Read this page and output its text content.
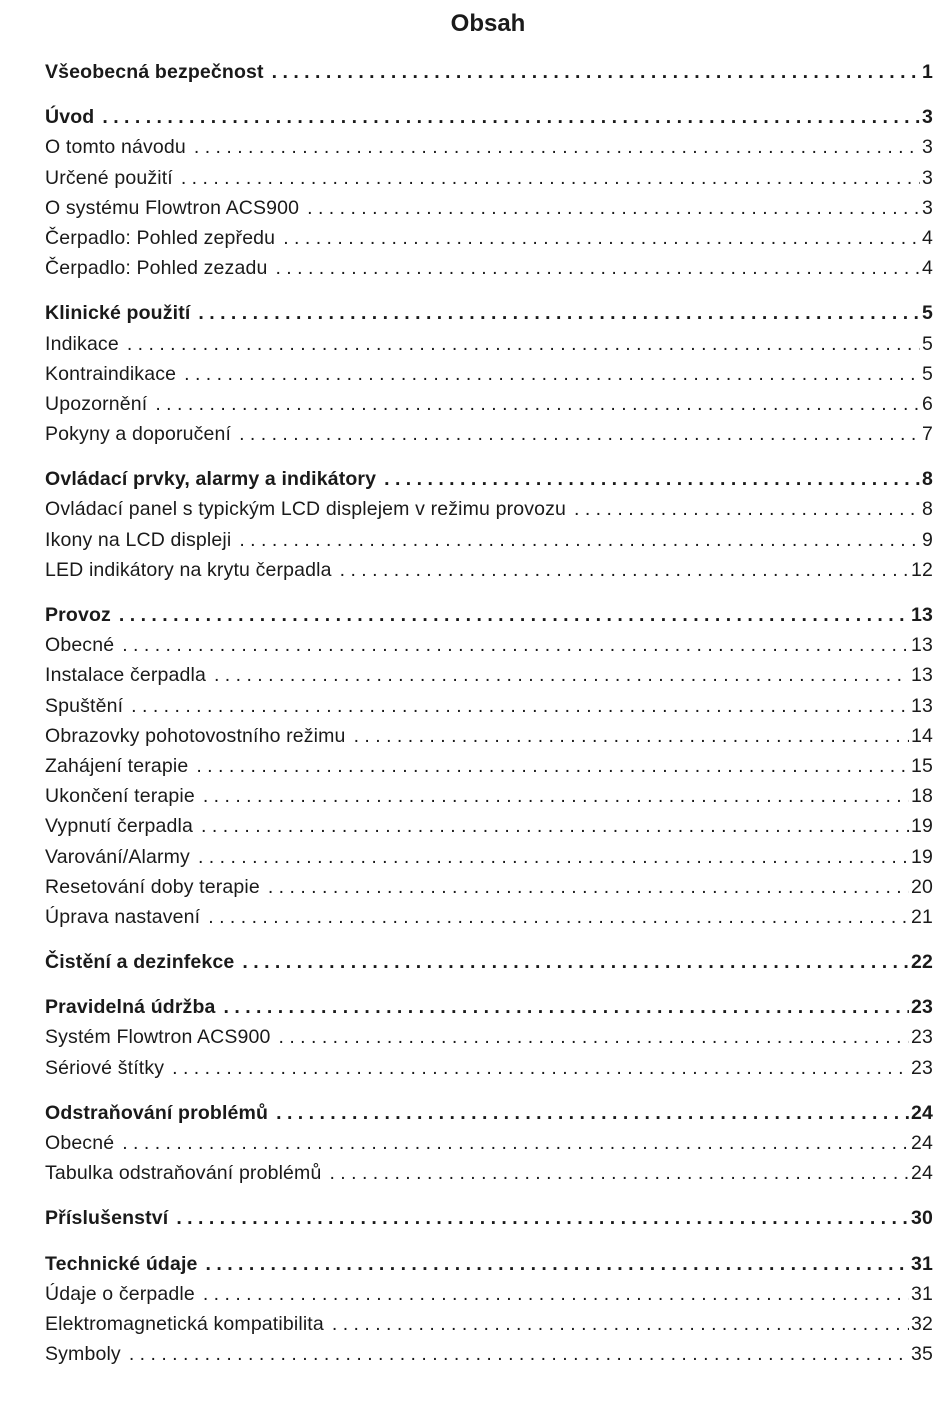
Obsah
Všeobecná bezpečnost . . .	1
Úvod . . .	3
O tomto návodu . . .	3
Určené použití . . .	3
O systému Flowtron ACS900 . . .	3
Čerpadlo: Pohled zepředu . . .	4
Čerpadlo: Pohled zezadu . . .	4
Klinické použití . . .	5
Indikace . . .	5
Kontraindikace . . .	5
Upozornění . . .	6
Pokyny a doporučení . . .	7
Ovládací prvky, alarmy a indikátory . . .	8
Ovládací panel s typickým LCD displejem v režimu provozu . . .	8
Ikony na LCD displeji . . .	9
LED indikátory na krytu čerpadla . . .	12
Provoz . . .	13
Obecné . . .	13
Instalace čerpadla . . .	13
Spuštění . . .	13
Obrazovky pohotovostního režimu . . .	14
Zahájení terapie . . .	15
Ukončení terapie . . .	18
Vypnutí čerpadla . . .	19
Varování/Alarmy . . .	19
Resetování doby terapie . . .	20
Úprava nastavení . . .	21
Čistění a dezinfekce . . .	22
Pravidelná údržba . . .	23
Systém Flowtron ACS900 . . .	23
Sériové štítky . . .	23
Odstraňování problémů . . .	24
Obecné . . .	24
Tabulka odstraňování problémů . . .	24
Příslušenství . . .	30
Technické údaje . . .	31
Údaje o čerpadle . . .	31
Elektromagnetická kompatibilita . . .	32
Symboly . . .	35
